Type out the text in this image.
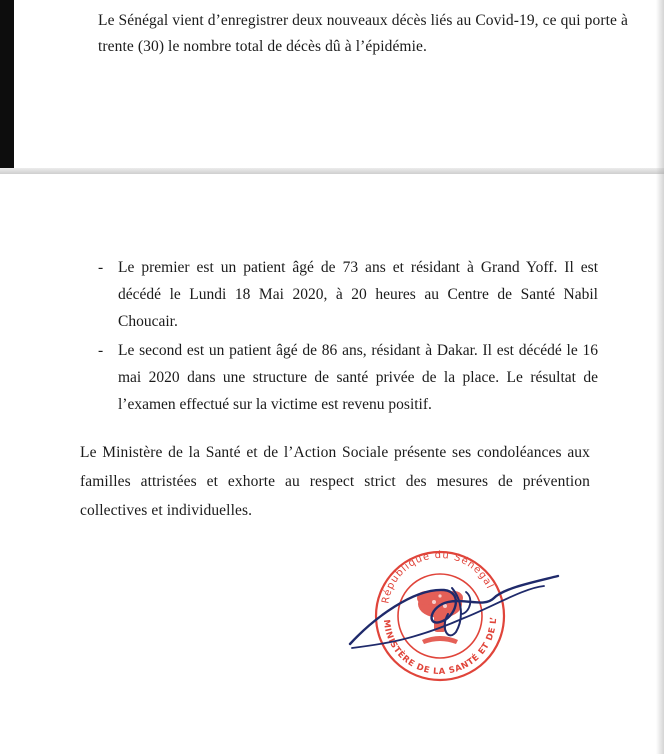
Le Sénégal vient d’enregistrer deux nouveaux décès liés au Covid-19, ce qui porte à trente (30) le nombre total de décès dû à l’épidémie.

- Le premier est un patient âgé de 73 ans et résidant à Grand Yoff. Il est décédé le Lundi 18 Mai 2020, à 20 heures au Centre de Santé Nabil Choucair.
- Le second est un patient âgé de 86 ans, résidant à Dakar. Il est décédé le 16 mai 2020 dans une structure de santé privée de la place. Le résultat de l’examen effectué sur la victime est revenu positif.

Le Ministère de la Santé et de l’Action Sociale présente ses condoléances aux familles attristées et exhorte au respect strict des mesures de prévention collectives et individuelles.

République du Sénégal
MINISTÈRE DE LA SANTÉ ET DE L’
